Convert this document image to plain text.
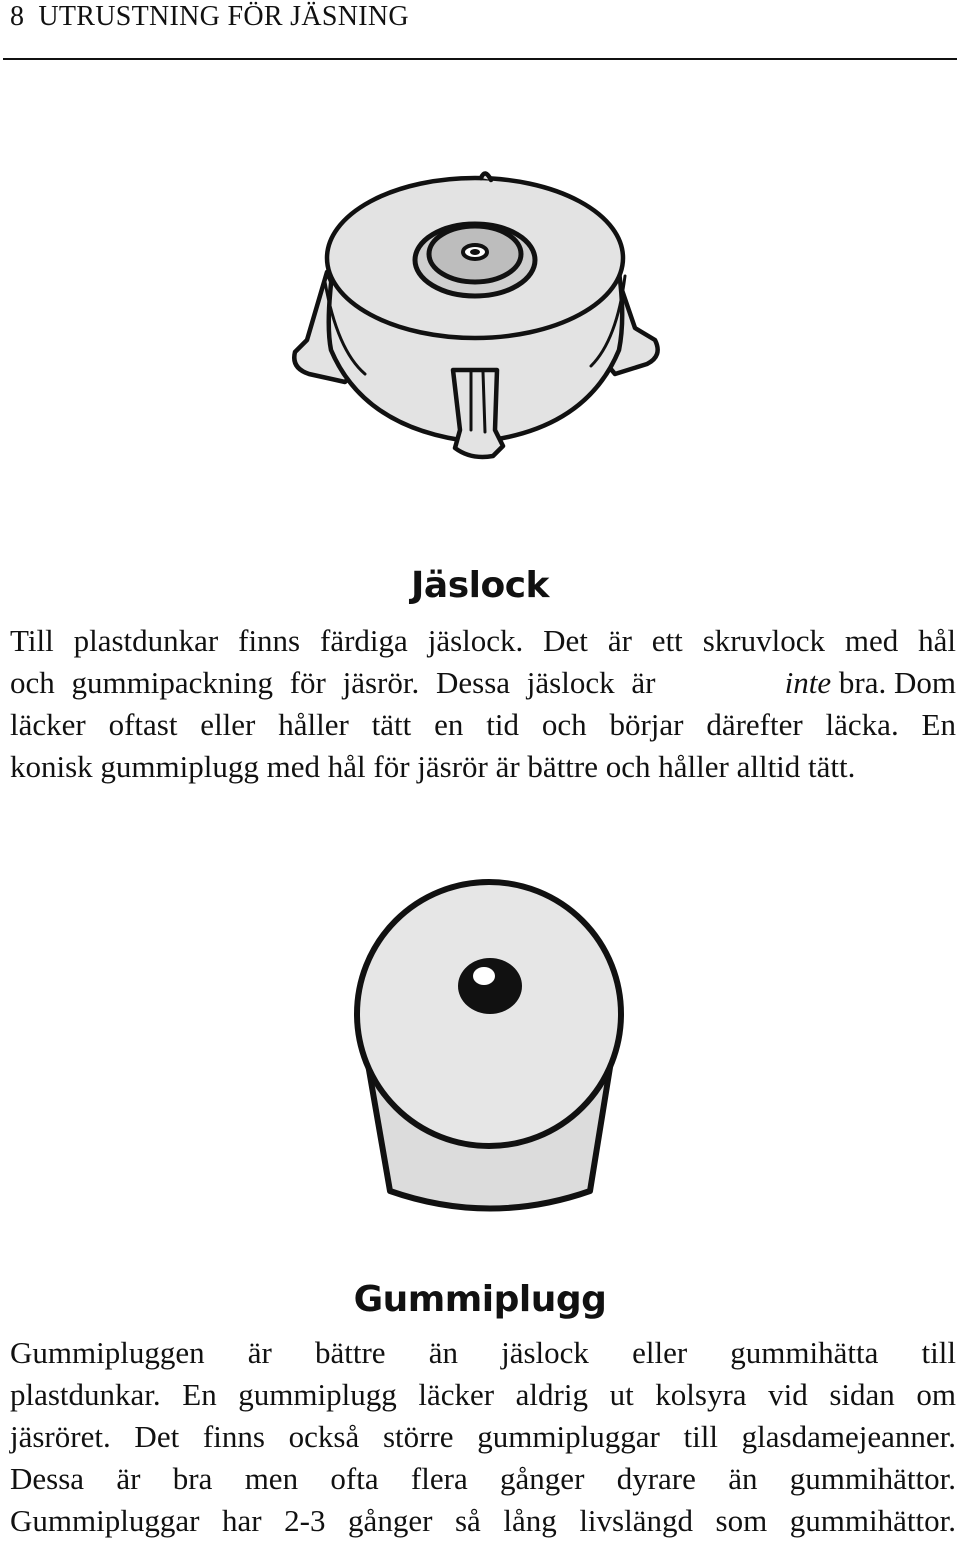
8 UTRUSTNING FÖR JÄSNING
Jäslock
Till plastdunkar finns färdiga jäslock. Det är ett skruvlock med hål
och gummipackning för jäsrör. Dessa jäslock är	inte bra. Dom
läcker oftast eller håller tätt en tid och börjar därefter läcka. En
konisk gummiplugg med hål för jäsrör är bättre och håller alltid tätt.
Gummiplugg
Gummipluggen är bättre än jäslock eller gummihätta till
plastdunkar. En gummiplugg läcker aldrig ut kolsyra vid sidan om
jäsröret. Det finns också större gummipluggar till glasdamejeanner.
Dessa är bra men ofta flera gånger dyrare än gummihättor.
Gummipluggar har 2-3 gånger så lång livslängd som gummihättor.
